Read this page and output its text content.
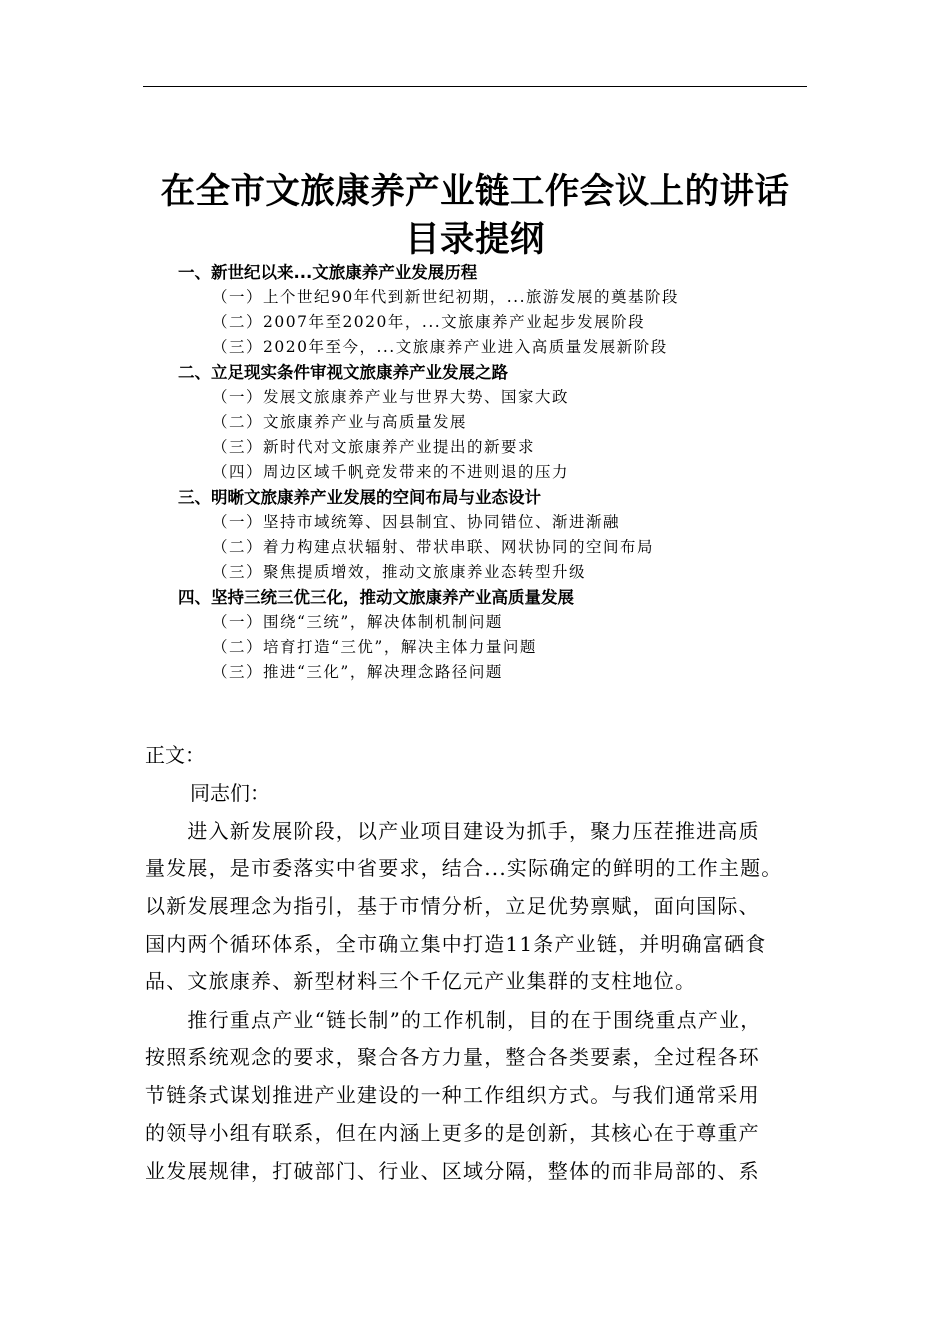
在全市文旅康养产业链工作会议上的讲话
目录提纲
一、新世纪以来...文旅康养产业发展历程
（一）上个世纪90年代到新世纪初期，...旅游发展的奠基阶段
（二）2007年至2020年，...文旅康养产业起步发展阶段
（三）2020年至今，...文旅康养产业进入高质量发展新阶段
二、立足现实条件审视文旅康养产业发展之路
（一）发展文旅康养产业与世界大势、国家大政
（二）文旅康养产业与高质量发展
（三）新时代对文旅康养产业提出的新要求
（四）周边区域千帆竞发带来的不进则退的压力
三、明晰文旅康养产业发展的空间布局与业态设计
（一）坚持市域统筹、因县制宜、协同错位、渐进渐融
（二）着力构建点状辐射、带状串联、网状协同的空间布局
（三）聚焦提质增效，推动文旅康养业态转型升级
四、坚持三统三优三化，推动文旅康养产业高质量发展
（一）围绕“三统”，解决体制机制问题
（二）培育打造“三优”，解决主体力量问题
（三）推进“三化”，解决理念路径问题
正文：
同志们：
　　进入新发展阶段，以产业项目建设为抓手，聚力压茬推进高质
量发展，是市委落实中省要求，结合...实际确定的鲜明的工作主题。
以新发展理念为指引，基于市情分析，立足优势禀赋，面向国际、
国内两个循环体系，全市确立集中打造11条产业链，并明确富硒食
品、文旅康养、新型材料三个千亿元产业集群的支柱地位。
　　推行重点产业“链长制”的工作机制，目的在于围绕重点产业，
按照系统观念的要求，聚合各方力量，整合各类要素，全过程各环
节链条式谋划推进产业建设的一种工作组织方式。与我们通常采用
的领导小组有联系，但在内涵上更多的是创新，其核心在于尊重产
业发展规律，打破部门、行业、区域分隔，整体的而非局部的、系
